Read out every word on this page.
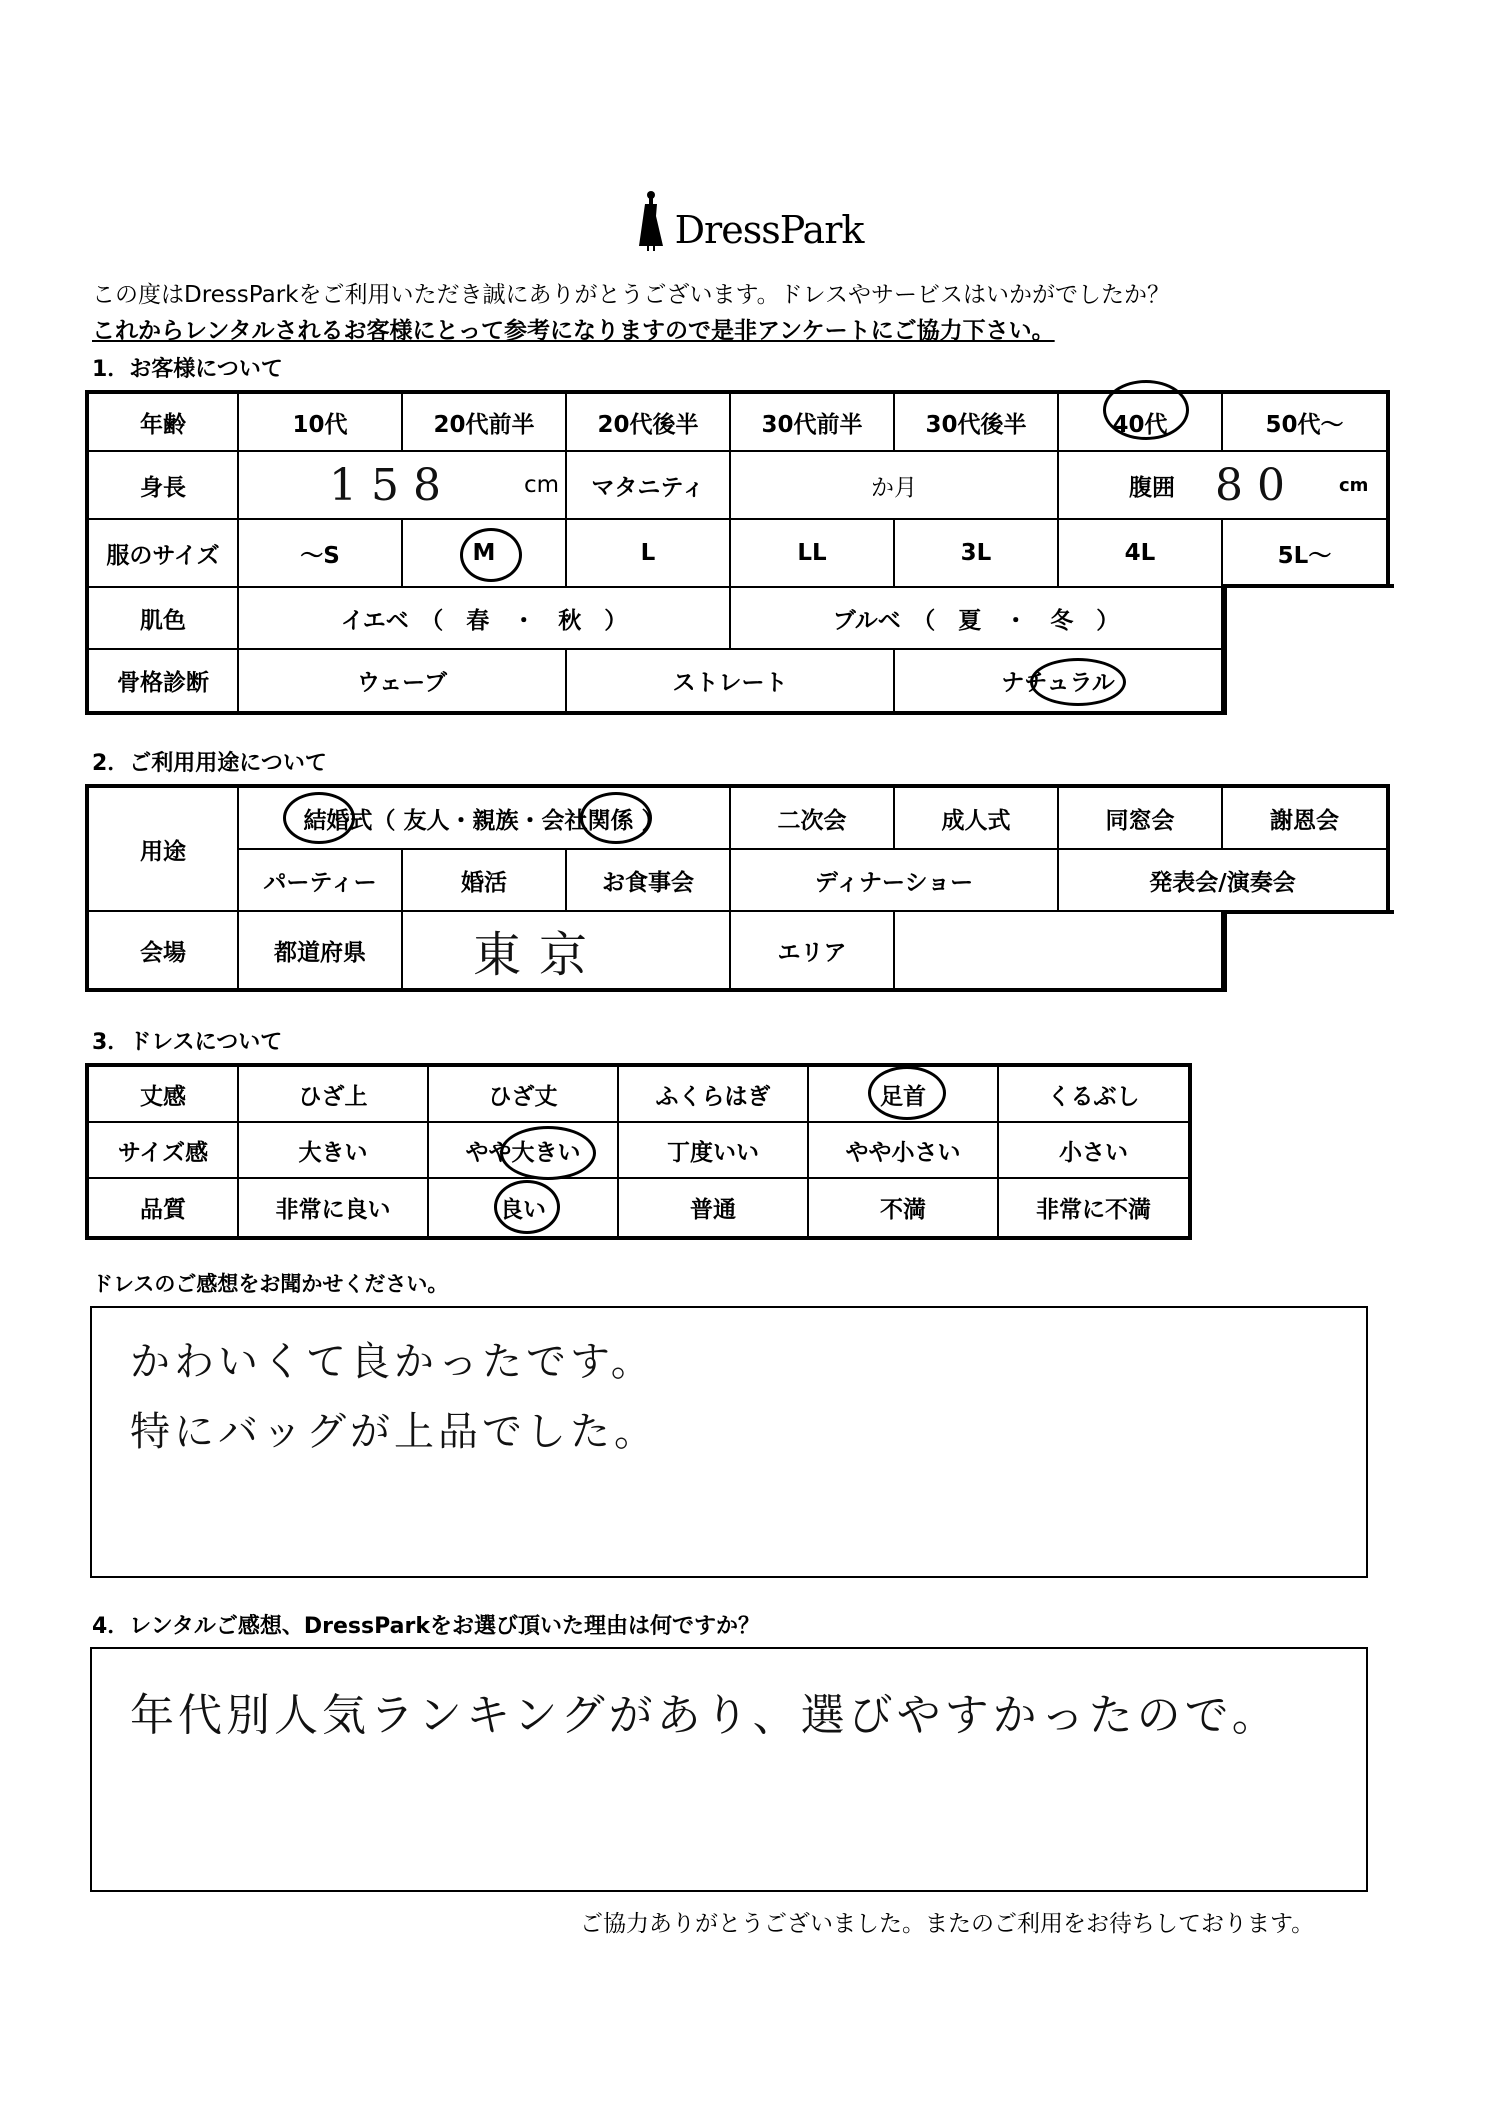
DressPark
この度はDressParkをご利用いただき誠にありがとうございます。ドレスやサービスはいかがでしたか？
これからレンタルされるお客様にとって参考になりますので是非アンケートにご協力下さい。
1．お客様について
年齢	10代	20代前半	20代後半	30代前半	30代後半	40代	50代～
身長	158	cm	マタニティ	か月	腹囲 80 cm
服のサイズ	～S	M	L	LL	3L	4L	5L～
肌色	イエベ　（　春　・　秋　）	ブルベ　（　夏　・　冬　）
骨格診断	ウェーブ	ストレート	ナチュラル
2．ご利用用途について
用途
結婚式（ 友人・親族・会社関係 ）	二次会	成人式	同窓会	謝恩会
パーティー	婚活	お食事会	ディナーショー	発表会/演奏会
会場	都道府県	東京	エリア
3．ドレスについて
丈感	ひざ上	ひざ丈	ふくらはぎ	足首	くるぶし
サイズ感	大きい	やや大きい	丁度いい	やや小さい	小さい
品質	非常に良い	良い	普通	不満	非常に不満
ドレスのご感想をお聞かせください。
かわいくて良かったです。
特にバッグが上品でした。
4．レンタルご感想、DressParkをお選び頂いた理由は何ですか？
年代別人気ランキングがあり、選びやすかったので。
ご協力ありがとうございました。またのご利用をお待ちしております。
